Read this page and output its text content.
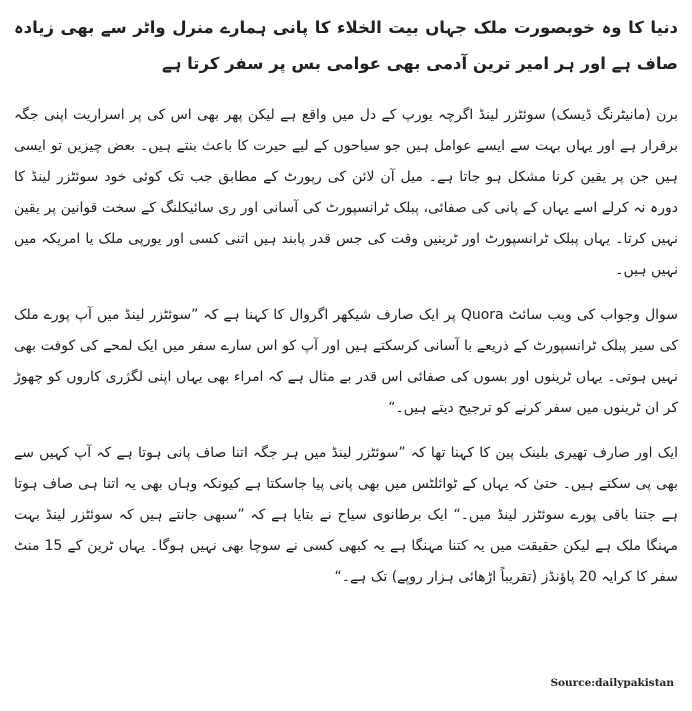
دنیا کا وہ خوبصورت ملک جہاں بیت الخلاء کا پانی ہمارے منرل واٹر سے بھی زیادہ صاف ہے اور ہر امیر ترین آدمی بھی عوامی بس پر سفر کرتا ہے

برن (مانیٹرنگ ڈیسک) سوئٹزر لینڈ اگرچہ یورپ کے دل میں واقع ہے لیکن پھر بھی اس کی پر اسراریت اپنی جگہ برقرار ہے اور یہاں بہت سے ایسے عوامل ہیں جو سیاحوں کے لیے حیرت کا باعث بنتے ہیں۔ بعض چیزیں تو ایسی ہیں جن پر یقین کرنا مشکل ہو جاتا ہے۔ میل آن لائن کی رپورٹ کے مطابق جب تک کوئی خود سوئٹزر لینڈ کا دورہ نہ کرلے اسے یہاں کے پانی کی صفائی، پبلک ٹرانسپورٹ کی آسانی اور ری سائیکلنگ کے سخت قوانین پر یقین نہیں کرتا۔ یہاں پبلک ٹرانسپورٹ اور ٹرینیں وقت کی جس قدر پابند ہیں اتنی کسی اور یورپی ملک یا امریکہ میں نہیں ہیں۔

سوال وجواب کی ویب سائٹ Quora پر ایک صارف شیکھر اگروال کا کہنا ہے کہ ”سوئٹزر لینڈ میں آپ پورے ملک کی سیر پبلک ٹرانسپورٹ کے ذریعے با آسانی کرسکتے ہیں اور آپ کو اس سارے سفر میں ایک لمحے کی کوفت بھی نہیں ہوتی۔ یہاں ٹرینوں اور بسوں کی صفائی اس قدر بے مثال ہے کہ امراء بھی یہاں اپنی لگژری کاروں کو چھوڑ کر ان ٹرینوں میں سفر کرنے کو ترجیح دیتے ہیں۔“

ایک اور صارف تھیری بلینک پین کا کہنا تھا کہ ”سوئٹزر لینڈ میں ہر جگہ اتنا صاف پانی ہوتا ہے کہ آپ کہیں سے بھی پی سکتے ہیں۔ حتیٰ کہ یہاں کے ٹوائلٹس میں بھی پانی پیا جاسکتا ہے کیونکہ وہاں بھی یہ اتنا ہی صاف ہوتا ہے جتنا باقی پورے سوئٹزر لینڈ میں۔“ ایک برطانوی سیاح نے بتایا ہے کہ ”سبھی جانتے ہیں کہ سوئٹزر لینڈ بہت مہنگا ملک ہے لیکن حقیقت میں یہ کتنا مہنگا ہے یہ کبھی کسی نے سوچا بھی نہیں ہوگا۔ یہاں ٹرین کے 15 منٹ سفر کا کرایہ 20 پاؤنڈز (تقریباً اڑھائی ہزار روپے) تک ہے۔“

Source:dailypakistan
